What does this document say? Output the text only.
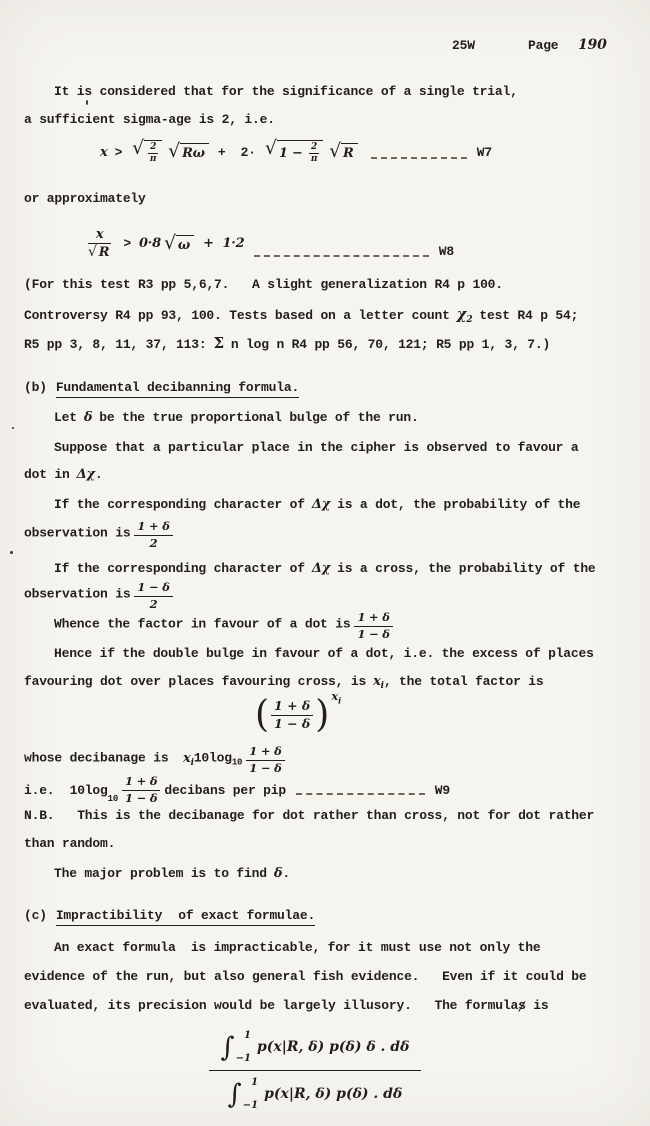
25W	Page 190
It is considered that for the significance of a single trial,
a sufficient sigma-age is 2, i.e.
x > √ 2
π √ Rω	+  2· √ $1 - \frac{2}{\pi}$ √ R	W7
or approximately
$\frac{x}{√ R} > 0\cdot 8$ √ ω	+  1·2
W8
(For this test R3 pp 5,6,7.   A slight generalization R4 p 100.
Controversy R4 pp 93, 100. Tests based on a letter count $\chi_2$ test R4 p 54;
R5 pp 3, 8, 11, 37, 113: Σ n log n R4 pp 56, 70, 121; R5 pp 1, 3, 7.)
(b) Fundamental decibanning formula.
Let δ be the true proportional bulge of the run.
Suppose that a particular place in the cipher is observed to favour a
dot in Δχ.
If the corresponding character of Δχ is a dot, the probability of the
observation is $\frac{1 + \delta}{2}$
If the corresponding character of Δχ is a cross, the probability of the
observation is $\frac{1 - \delta}{2}$
Whence the factor in favour of a dot is $\frac{1 + \delta}{1 - \delta}$
Hence if the double bulge in favour of a dot, i.e. the excess of places
favouring dot over places favouring cross, is $x_i$, the total factor is
( $\frac{1 + \delta}{1 - \delta}$ ) $x_i$
whose decibanage is $x_i10\log_{10} \frac{1 + \delta}{1 - \delta}$
i.e. 10log
$_{10} \frac{1 + \delta}{1 - \delta}$ decibans per pip	W9
N.B.   This is the decibanage for dot rather than cross, not for dot rather
than random.
The major problem is to find δ.
(c) Impractibility of exact formulae.
An exact formula  is impracticable, for it must use not only the
evidence of the run, but also general fish evidence.   Even if it could be
evaluated, its precision would be largely illusory.   The formulas is
∫ 1
−1
p(x|R, δ) p(δ) δ . dδ
∫ 1
−1
p(x|R, δ) p(δ) . dδ
